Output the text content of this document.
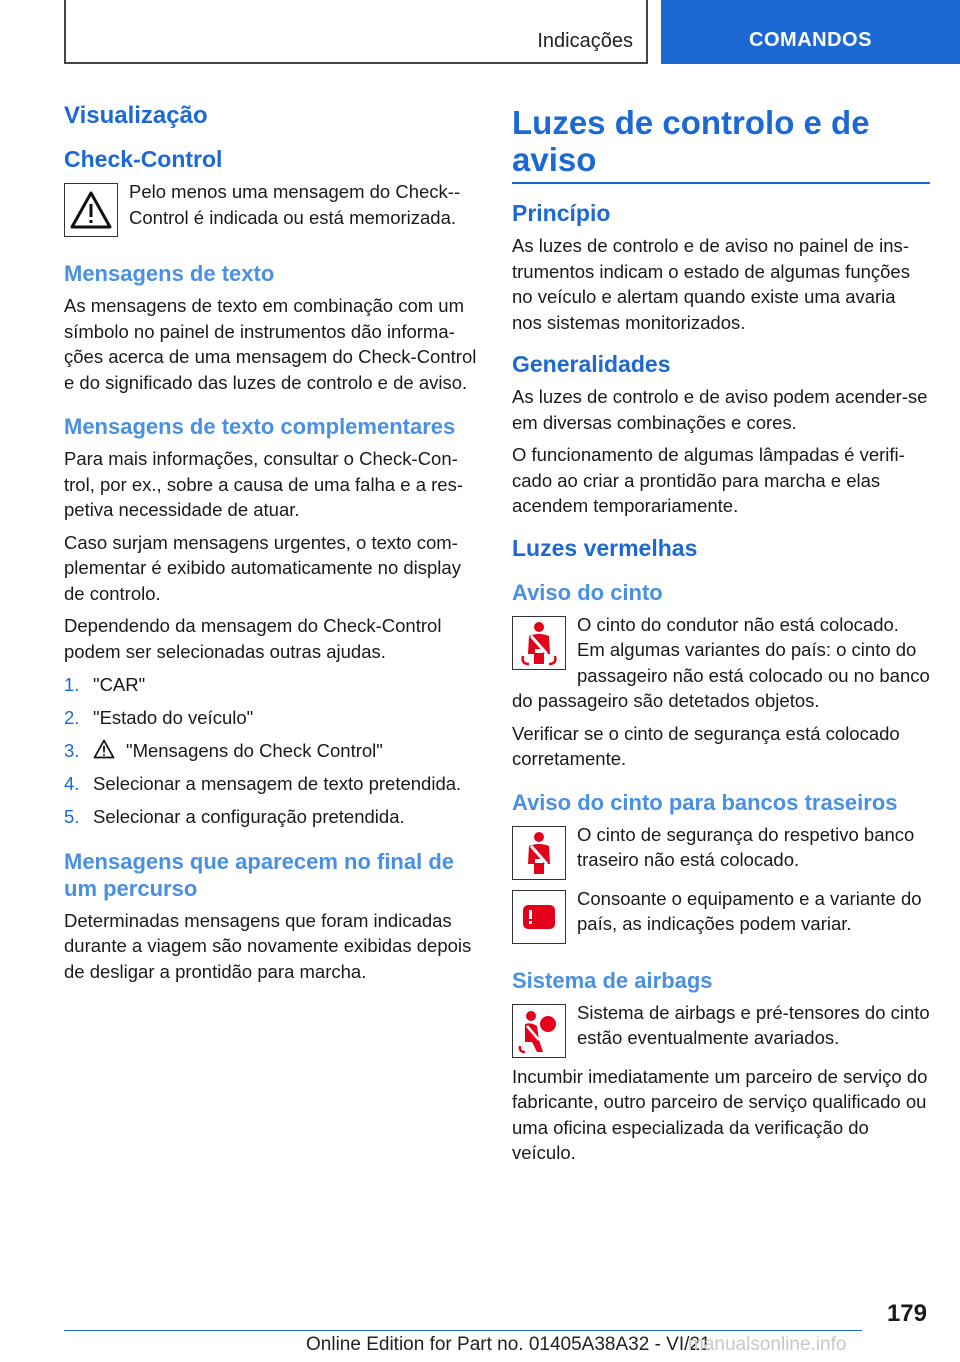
Indicações	COMANDOS
Visualização
Check-Control

Pelo menos uma mensagem do Check-Control é indicada ou está memorizada.

Mensagens de texto

As mensagens de texto em combinação com um símbolo no painel de instrumentos dão informações acerca de uma mensagem do Check-Control e do significado das luzes de controlo e de aviso.

Mensagens de texto complementares

Para mais informações, consultar o Check-Control, por ex., sobre a causa de uma falha e a respetiva necessidade de atuar.

Caso surjam mensagens urgentes, o texto complementar é exibido automaticamente no display de controlo.

Dependendo da mensagem do Check-Control podem ser selecionadas outras ajudas.

1. "CAR"
2. "Estado do veículo"
3.	"Mensagens do Check Control"
4. Selecionar a mensagem de texto pretendida.
5. Selecionar a configuração pretendida.
Mensagens que aparecem no final de um percurso

Determinadas mensagens que foram indicadas durante a viagem são novamente exibidas depois de desligar a prontidão para marcha.

Luzes de controlo e de aviso
Princípio

As luzes de controlo e de aviso no painel de instrumentos indicam o estado de algumas funções no veículo e alertam quando existe uma avaria nos sistemas monitorizados.

Generalidades

As luzes de controlo e de aviso podem acender-se em diversas combinações e cores.

O funcionamento de algumas lâmpadas é verificado ao criar a prontidão para marcha e elas acendem temporariamente.

Luzes vermelhas
Aviso do cinto

O cinto do condutor não está colocado. Em algumas variantes do país: o cinto do passageiro não está colocado ou no banco do passageiro são detetados objetos.

Verificar se o cinto de segurança está colocado corretamente.

Aviso do cinto para bancos traseiros

O cinto de segurança do respetivo banco traseiro não está colocado.

Consoante o equipamento e a variante do país, as indicações podem variar.

Sistema de airbags

Sistema de airbags e pré-tensores do cinto estão eventualmente avariados.

Incumbir imediatamente um parceiro de serviço do fabricante, outro parceiro de serviço qualificado ou uma oficina especializada da verificação do veículo.

179
Online Edition for Part no. 01405A38A32 - VI/21
manualsonline.info
